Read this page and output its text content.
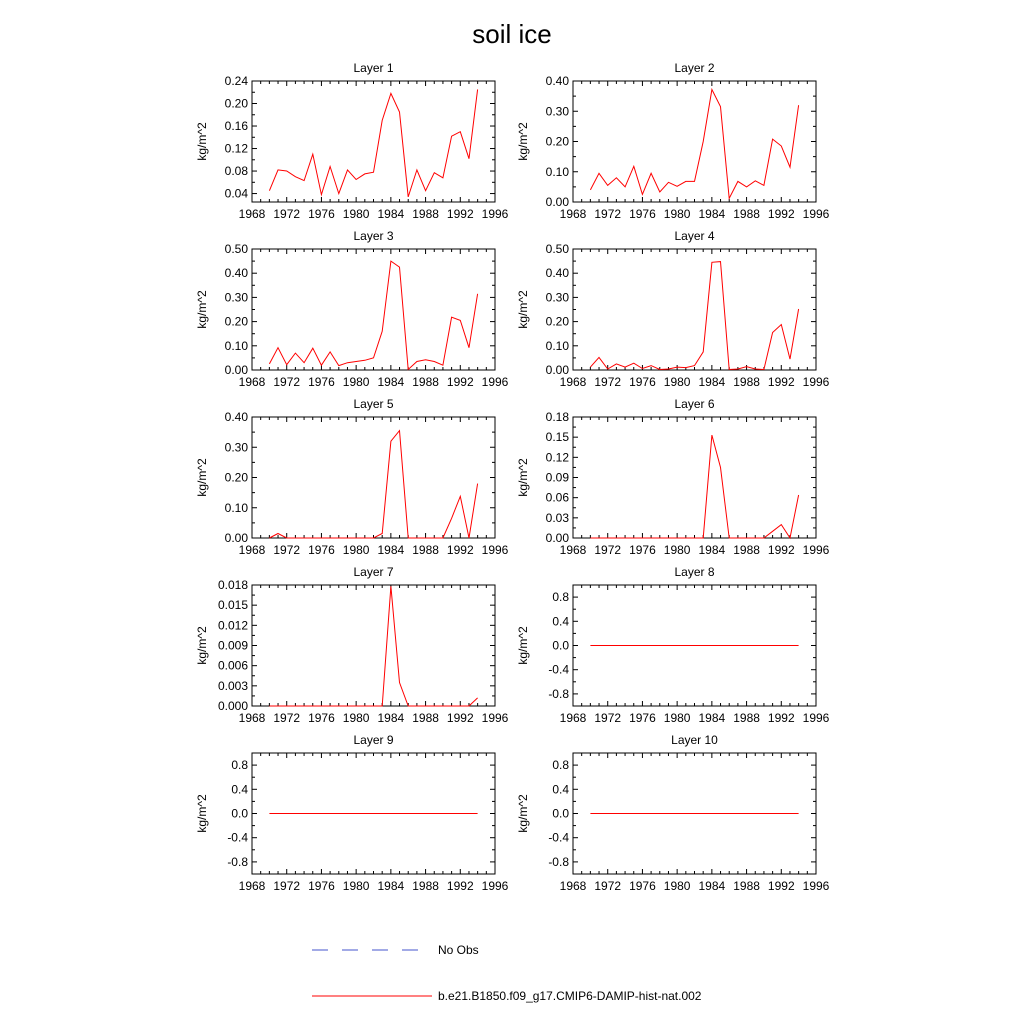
soil ice
Layer 1
1968 1972 1976 1980 1984 1988 1992 1996
0.04
0.08
0.12
0.16
0.20
0.24
kg/m^2
Layer 2
1968 1972 1976 1980 1984 1988 1992 1996
0.00
0.10
0.20
0.30
0.40
kg/m^2
Layer 3
1968 1972 1976 1980 1984 1988 1992 1996
0.00
0.10
0.20
0.30
0.40
0.50
kg/m^2
Layer 4
1968 1972 1976 1980 1984 1988 1992 1996
0.00
0.10
0.20
0.30
0.40
0.50
kg/m^2
Layer 5
1968 1972 1976 1980 1984 1988 1992 1996
0.00
0.10
0.20
0.30
0.40
kg/m^2
Layer 6
1968 1972 1976 1980 1984 1988 1992 1996
0.00
0.03
0.06
0.09
0.12
0.15
0.18
kg/m^2
Layer 7
1968 1972 1976 1980 1984 1988 1992 1996
0.000
0.003
0.006
0.009
0.012
0.015
0.018
kg/m^2
Layer 8
1968 1972 1976 1980 1984 1988 1992 1996
-0.8
-0.4
0.0
0.4
0.8
kg/m^2
Layer 9
1968 1972 1976 1980 1984 1988 1992 1996
-0.8
-0.4
0.0
0.4
0.8
kg/m^2
Layer 10
1968 1972 1976 1980 1984 1988 1992 1996
-0.8
-0.4
0.0
0.4
0.8
kg/m^2
No Obs
b.e21.B1850.f09_g17.CMIP6-DAMIP-hist-nat.002
